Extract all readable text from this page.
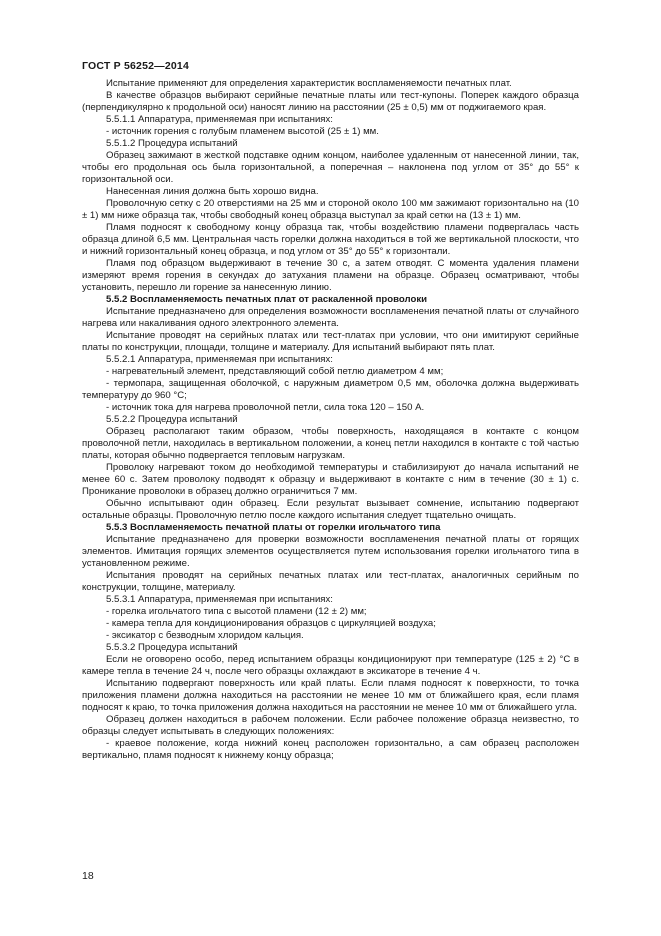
ГОСТ Р 56252—2014

Испытание применяют для определения характеристик воспламеняемости печатных плат.

В качестве образцов выбирают серийные печатные платы или тест-купоны. Поперек каждого образца (перпендикулярно к продольной оси) наносят линию на расстоянии (25 ± 0,5) мм от поджигаемого края.

5.5.1.1 Аппаратура, применяемая при испытаниях:

- источник горения с голубым пламенем высотой (25 ± 1) мм.

5.5.1.2 Процедура испытаний

Образец зажимают в жесткой подставке одним концом, наиболее удаленным от нанесенной линии, так, чтобы его продольная ось была горизонтальной, а поперечная – наклонена под углом от 35° до 55° к горизонтальной оси.

Нанесенная линия должна быть хорошо видна.

Проволочную сетку с 20 отверстиями на 25 мм и стороной около 100 мм зажимают горизонтально на (10 ± 1) мм ниже образца так, чтобы свободный конец образца выступал за край сетки на (13 ± 1) мм.

Пламя подносят к свободному концу образца так, чтобы воздействию пламени подвергалась часть образца длиной 6,5 мм. Центральная часть горелки должна находиться в той же вертикальной плоскости, что и нижний горизонтальный конец образца, и под углом от 35° до 55° к горизонтали.

Пламя под образцом выдерживают в течение 30 с, а затем отводят. С момента удаления пламени измеряют время горения в секундах до затухания пламени на образце. Образец осматривают, чтобы установить, перешло ли горение за нанесенную линию.

5.5.2 Воспламеняемость печатных плат от раскаленной проволоки

Испытание предназначено для определения возможности воспламенения печатной платы от случайного нагрева или накаливания одного электронного элемента.

Испытание проводят на серийных платах или тест-платах при условии, что они имитируют серийные платы по конструкции, площади, толщине и материалу. Для испытаний выбирают пять плат.

5.5.2.1 Аппаратура, применяемая при испытаниях:

- нагревательный элемент, представляющий собой петлю диаметром 4 мм;

- термопара, защищенная оболочкой, с наружным диаметром 0,5 мм, оболочка должна выдерживать температуру до 960 °С;

- источник тока для нагрева проволочной петли, сила тока 120 – 150 А.

5.5.2.2 Процедура испытаний

Образец располагают таким образом, чтобы поверхность, находящаяся в контакте с концом проволочной петли, находилась в вертикальном положении, а конец петли находился в контакте с той частью платы, которая обычно подвергается тепловым нагрузкам.

Проволоку нагревают током до необходимой температуры и стабилизируют до начала испытаний не менее 60 с. Затем проволоку подводят к образцу и выдерживают в контакте с ним в течение (30 ± 1) с. Проникание проволоки в образец должно ограничиться 7 мм.

Обычно испытывают один образец. Если результат вызывает сомнение, испытанию подвергают остальные образцы. Проволочную петлю после каждого испытания следует тщательно очищать.

5.5.3 Воспламеняемость печатной платы от горелки игольчатого типа

Испытание предназначено для проверки возможности воспламенения печатной платы от горящих элементов. Имитация горящих элементов осуществляется путем использования горелки игольчатого типа в установленном режиме.

Испытания проводят на серийных печатных платах или тест-платах, аналогичных серийным по конструкции, толщине, материалу.

5.5.3.1 Аппаратура, применяемая при испытаниях:

- горелка игольчатого типа с высотой пламени (12 ± 2) мм;

- камера тепла для кондиционирования образцов с циркуляцией воздуха;

- эксикатор с безводным хлоридом кальция.

5.5.3.2 Процедура испытаний

Если не оговорено особо, перед испытанием образцы кондиционируют при температуре (125 ± 2) °С в камере тепла в течение 24 ч, после чего образцы охлаждают в эксикаторе в течение 4 ч.

Испытанию подвергают поверхность или край платы. Если пламя подносят к поверхности, то точка приложения пламени должна находиться на расстоянии не менее 10 мм от ближайшего края, если пламя подносят к краю, то точка приложения должна находиться на расстоянии не менее 10 мм от ближайшего угла.

Образец должен находиться в рабочем положении. Если рабочее положение образца неизвестно, то образцы следует испытывать в следующих положениях:

- краевое положение, когда нижний конец расположен горизонтально, а сам образец расположен вертикально, пламя подносят к нижнему концу образца;

18
